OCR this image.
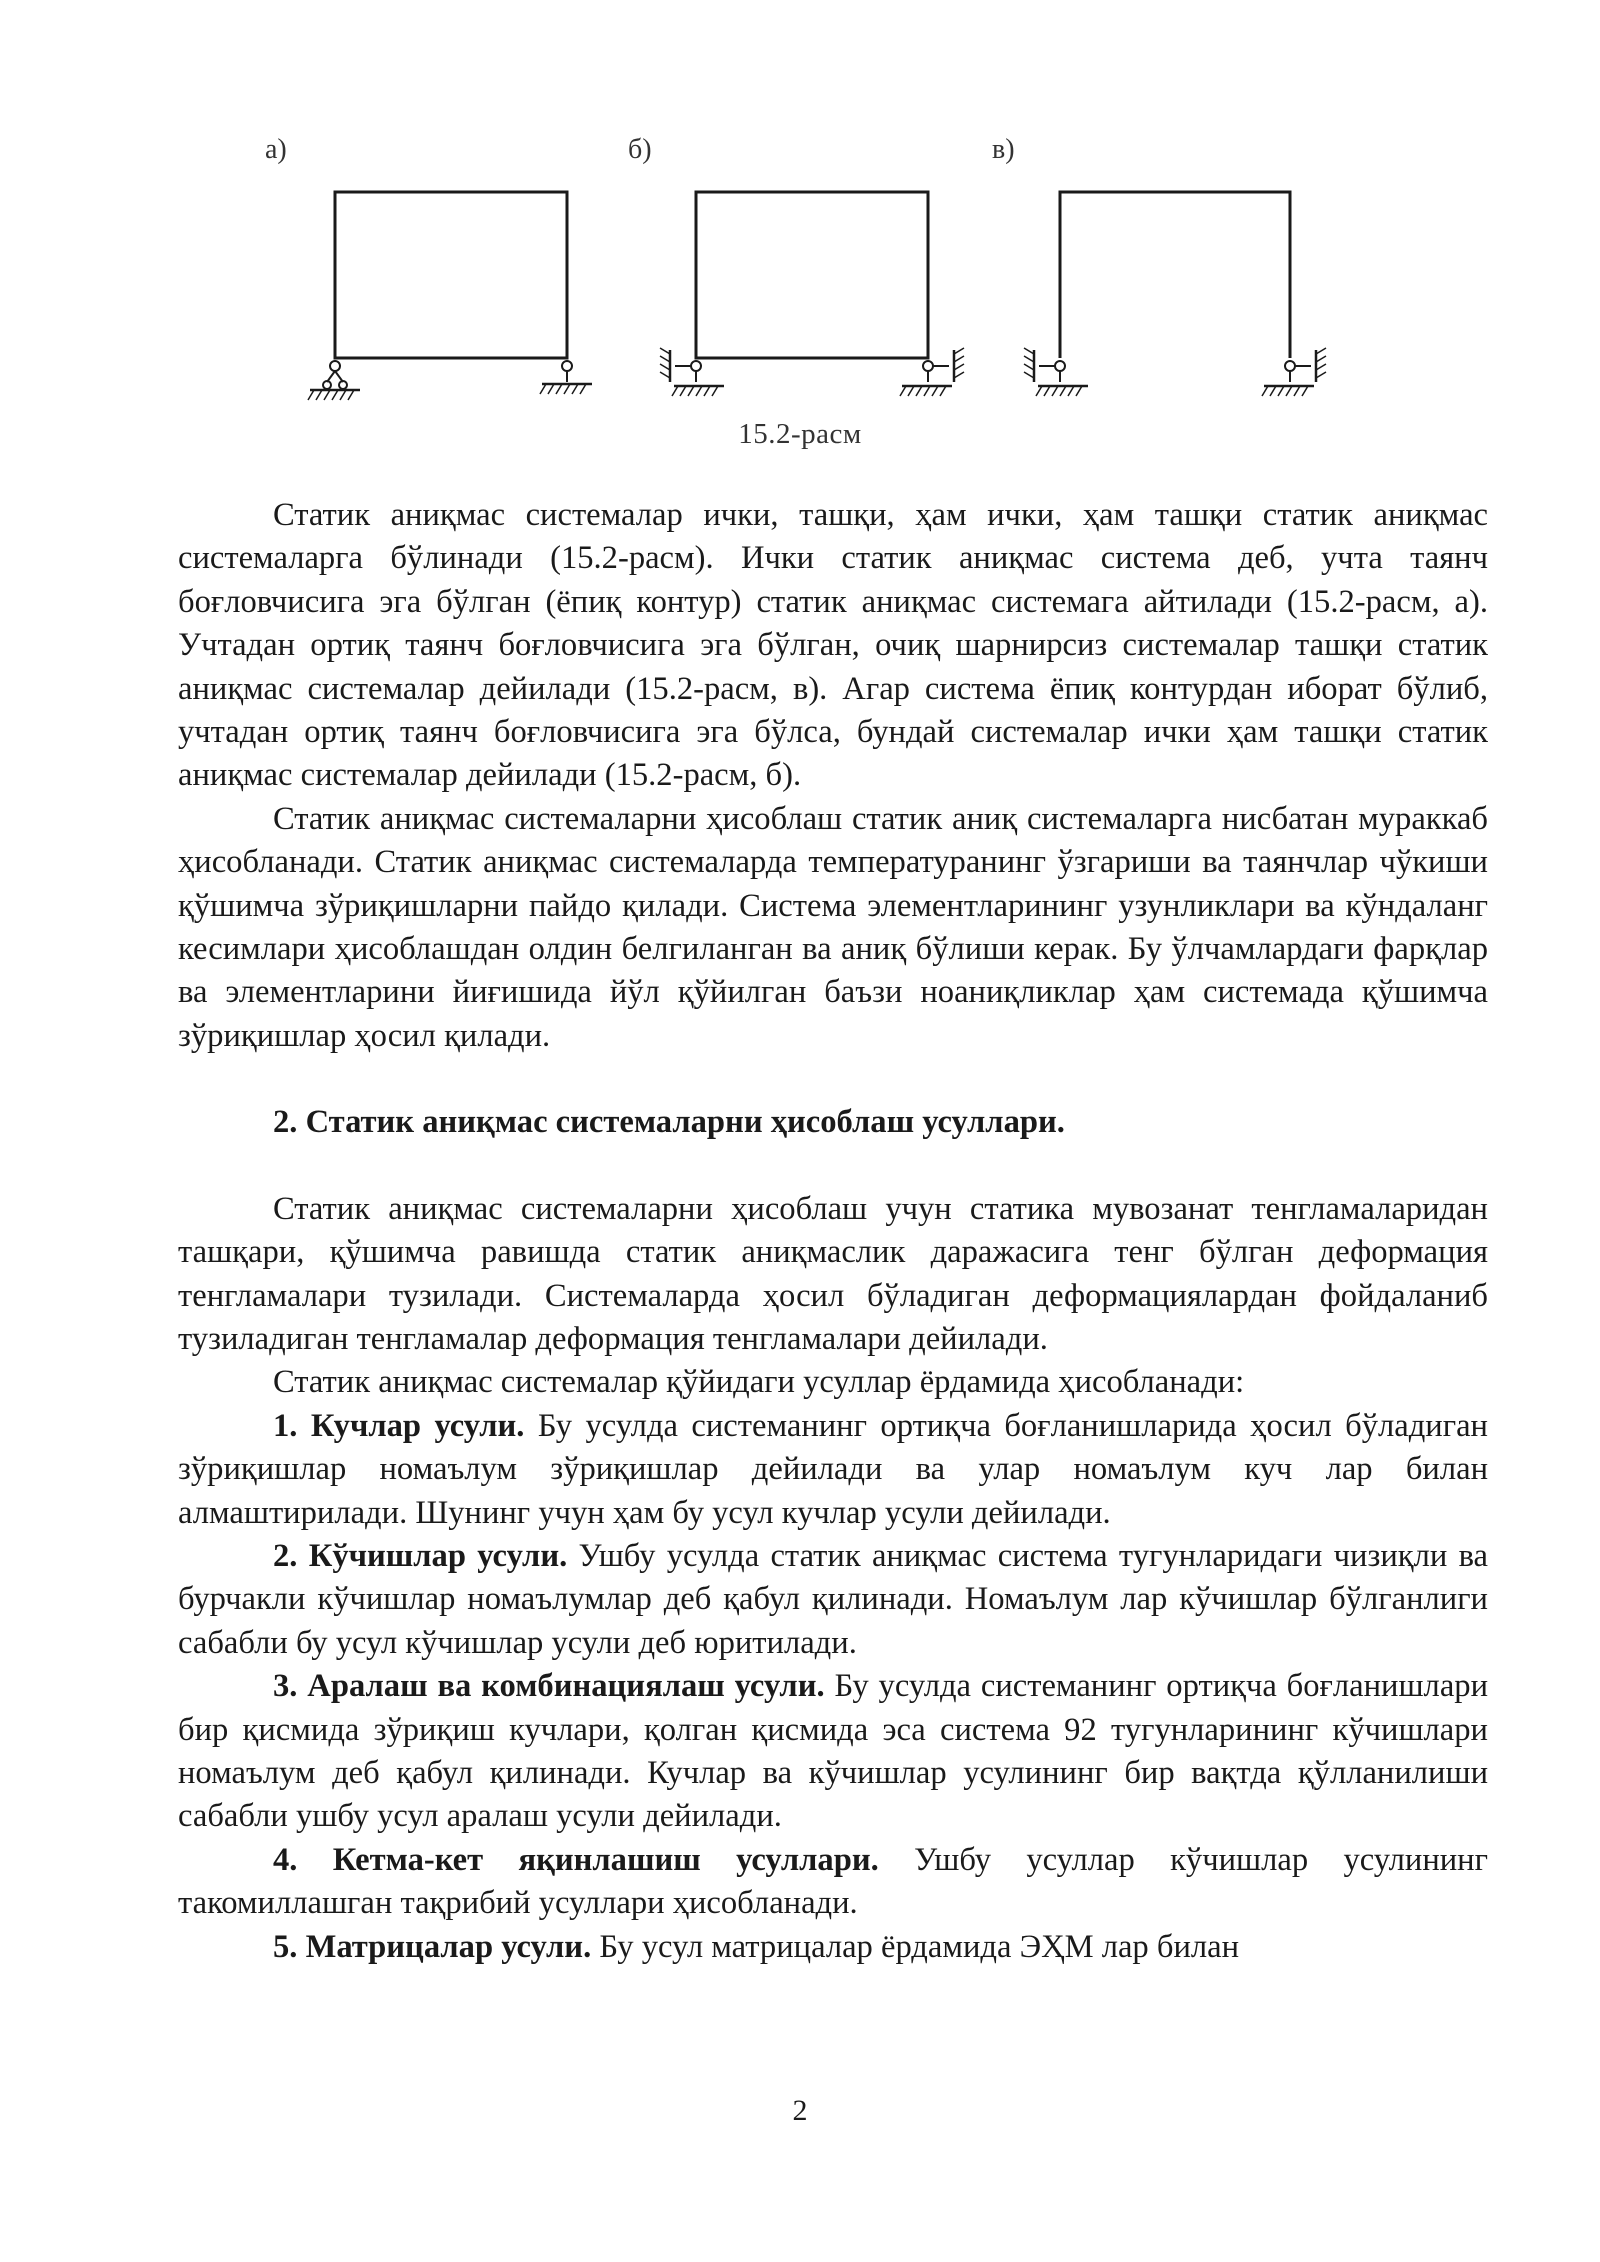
а)	б)	в)
15.2-расм

Статик аниқмас системалар ички, ташқи, ҳам ички, ҳам ташқи статик аниқмас системаларга бўлинади (15.2-расм). Ички статик аниқмас система деб, учта таянч боғловчисига эга бўлган (ёпиқ контур) статик аниқмас системага айтилади (15.2-расм, а). Учтадан ортиқ таянч боғловчисига эга бўлган, очиқ шарнирсиз системалар ташқи статик аниқмас системалар дейилади (15.2-расм, в). Агар система ёпиқ контурдан иборат бўлиб, учтадан ортиқ таянч боғловчисига эга бўлса, бундай системалар ички ҳам ташқи статик аниқмас системалар дейилади (15.2-расм, б).

Статик аниқмас системаларни ҳисоблаш статик аниқ системаларга нисбатан мураккаб ҳисобланади. Статик аниқмас системаларда температуранинг ўзгариши ва таянчлар чўкиши қўшимча зўриқишларни пайдо қилади. Система элементларининг узунликлари ва кўндаланг кесимлари ҳисоблашдан олдин белгиланган ва аниқ бўлиши керак. Бу ўлчамлардаги фарқлар ва элементларини йиғишида йўл қўйилган баъзи ноаниқликлар ҳам системада қўшимча зўриқишлар ҳосил қилади.

2. Статик аниқмас системаларни ҳисоблаш усуллари.

Статик аниқмас системаларни ҳисоблаш учун статика мувозанат тенгламаларидан ташқари, қўшимча равишда статик аниқмаслик даражасига тенг бўлган деформация тенгламалари тузилади. Системаларда ҳосил бўладиган деформациялардан фойдаланиб тузиладиган тенгламалар деформация тенгламалари дейилади.

Статик аниқмас системалар қўйидаги усуллар ёрдамида ҳисобланади:

1. Кучлар усули. Бу усулда системанинг ортиқча боғланишларида ҳосил бўладиган зўриқишлар номаълум зўриқишлар дейилади ва улар номаълум куч лар билан алмаштирилади. Шунинг учун ҳам бу усул кучлар усули дейилади.

2. Кўчишлар усули. Ушбу усулда статик аниқмас система тугунларидаги чизиқли ва бурчакли кўчишлар номаълумлар деб қабул қилинади. Номаълум лар кўчишлар бўлганлиги сабабли бу усул кўчишлар усули деб юритилади.

3. Аралаш ва комбинациялаш усули. Бу усулда системанинг ортиқча боғланишлари бир қисмида зўриқиш кучлари, қолган қисмида эса система 92 тугунларининг кўчишлари номаълум деб қабул қилинади. Кучлар ва кўчишлар усулининг бир вақтда қўлланилиши сабабли ушбу усул аралаш усули дейилади.

4. Кетма-кет яқинлашиш усуллари. Ушбу усуллар кўчишлар усулининг такомиллашган тақрибий усуллари ҳисобланади.

5. Матрицалар усули. Бу усул матрицалар ёрдамида ЭҲМ лар билан

2
